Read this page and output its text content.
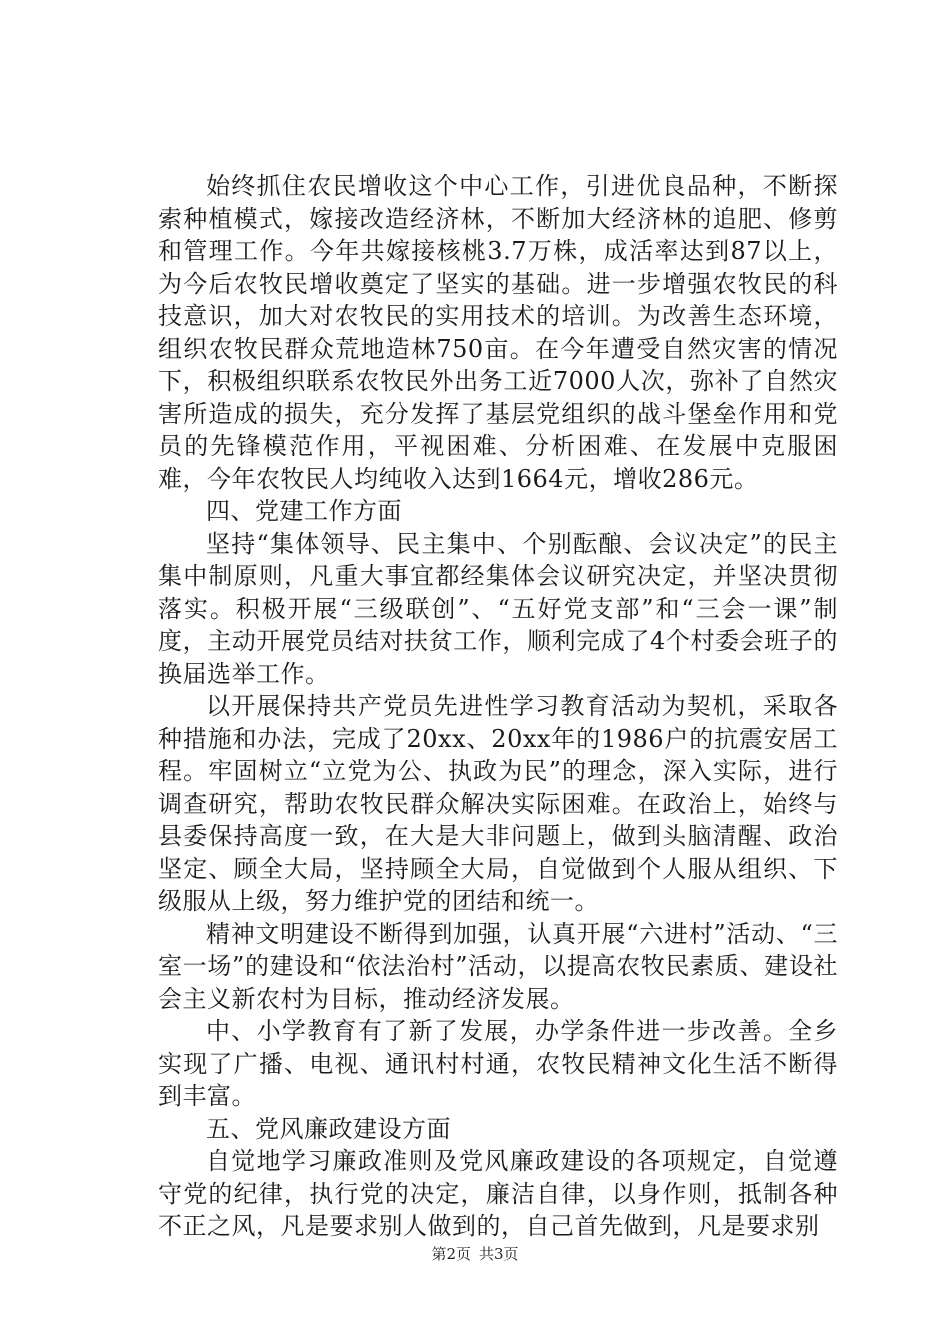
始终抓住农民增收这个中心工作，引进优良品种，不断探索种植模式，嫁接改造经济林，不断加大经济林的追肥、修剪和管理工作。今年共嫁接核桃3.7万株，成活率达到87以上，为今后农牧民增收奠定了坚实的基础。进一步增强农牧民的科技意识，加大对农牧民的实用技术的培训。为改善生态环境，组织农牧民群众荒地造林750亩。在今年遭受自然灾害的情况下，积极组织联系农牧民外出务工近7000人次，弥补了自然灾害所造成的损失，充分发挥了基层党组织的战斗堡垒作用和党员的先锋模范作用，平视困难、分析困难、在发展中克服困难，今年农牧民人均纯收入达到1664元，增收286元。

四、党建工作方面

坚持“集体领导、民主集中、个别酝酿、会议决定”的民主集中制原则，凡重大事宜都经集体会议研究决定，并坚决贯彻落实。积极开展“三级联创”、“五好党支部”和“三会一课”制度，主动开展党员结对扶贫工作，顺利完成了4个村委会班子的换届选举工作。

以开展保持共产党员先进性学习教育活动为契机，采取各种措施和办法，完成了20xx、20xx年的1986户的抗震安居工程。牢固树立“立党为公、执政为民”的理念，深入实际，进行调查研究，帮助农牧民群众解决实际困难。在政治上，始终与县委保持高度一致，在大是大非问题上，做到头脑清醒、政治坚定、顾全大局，坚持顾全大局，自觉做到个人服从组织、下级服从上级，努力维护党的团结和统一。

精神文明建设不断得到加强，认真开展“六进村”活动、“三室一场”的建设和“依法治村”活动，以提高农牧民素质、建设社会主义新农村为目标，推动经济发展。

中、小学教育有了新了发展，办学条件进一步改善。全乡实现了广播、电视、通讯村村通，农牧民精神文化生活不断得到丰富。

五、党风廉政建设方面

自觉地学习廉政准则及党风廉政建设的各项规定，自觉遵守党的纪律，执行党的决定，廉洁自律，以身作则，抵制各种不正之风，凡是要求别人做到的，自己首先做到，凡是要求别

第2页 共3页
